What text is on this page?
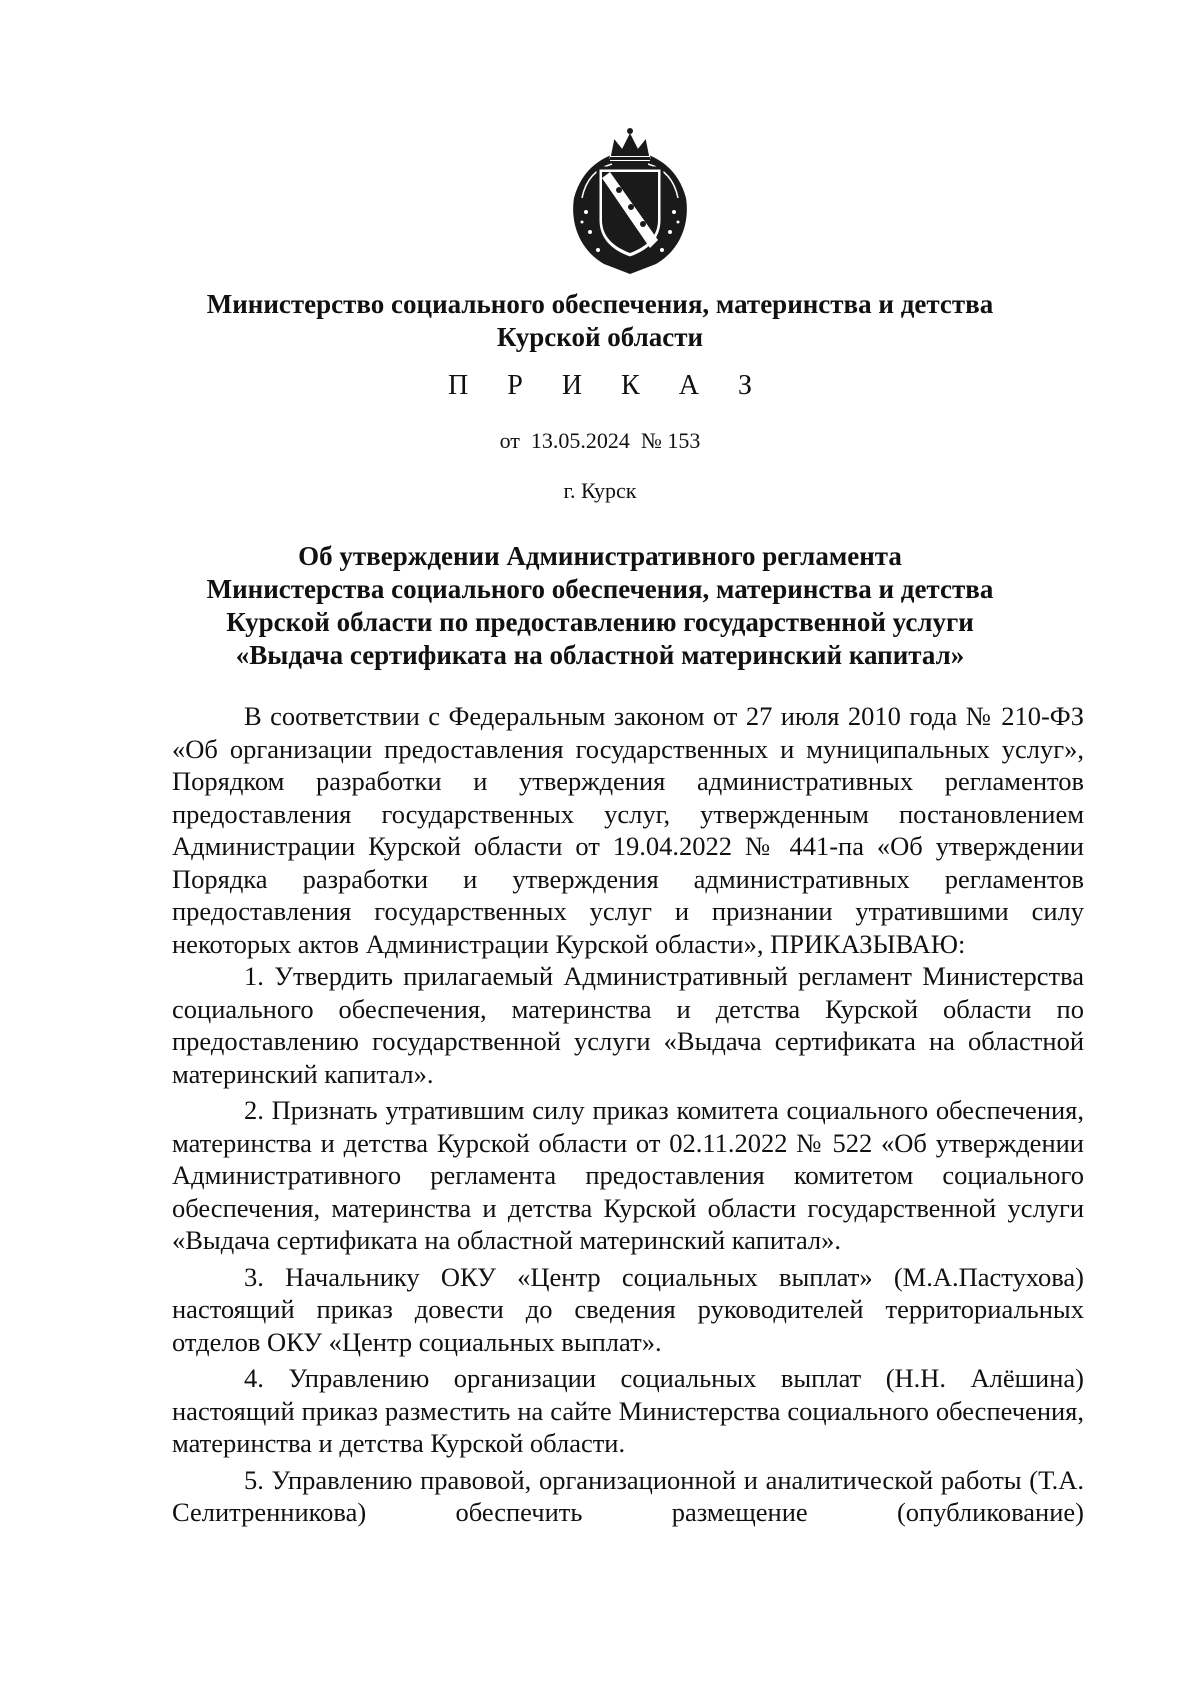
Министерство социального обеспечения, материнства и детства
Курской области
П Р И К А З
от  13.05.2024  № 153
г. Курск
Об утверждении Административного регламента
Министерства социального обеспечения, материнства и детства
Курской области по предоставлению государственной услуги
«Выдача сертификата на областной материнский капитал»

В соответствии с Федеральным законом от 27 июля 2010 года № 210-ФЗ «Об организации предоставления государственных и муниципальных услуг», Порядком разработки и утверждения административных регламентов предоставления государственных услуг, утвержденным постановлением Администрации Курской области от 19.04.2022 № 441-па «Об утверждении Порядка разработки и утверждения административных регламентов предоставления государственных услуг и признании утратившими силу некоторых актов Администрации Курской области», ПРИКАЗЫВАЮ:

1. Утвердить прилагаемый Административный регламент Министерства социального обеспечения, материнства и детства Курской области по предоставлению государственной услуги «Выдача сертификата на областной материнский капитал».

2. Признать утратившим силу приказ комитета социального обеспечения, материнства и детства Курской области от 02.11.2022 № 522 «Об утверждении Административного регламента предоставления комитетом социального обеспечения, материнства и детства Курской области государственной услуги «Выдача сертификата на областной материнский капитал».

3. Начальнику ОКУ «Центр социальных выплат» (М.А.Пастухова) настоящий приказ довести до сведения руководителей территориальных отделов ОКУ «Центр социальных выплат».

4. Управлению организации социальных выплат (Н.Н. Алёшина) настоящий приказ разместить на сайте Министерства социального обеспечения, материнства и детства Курской области.

5. Управлению правовой, организационной и аналитической работы (Т.А. Селитренникова) обеспечить размещение (опубликование)
